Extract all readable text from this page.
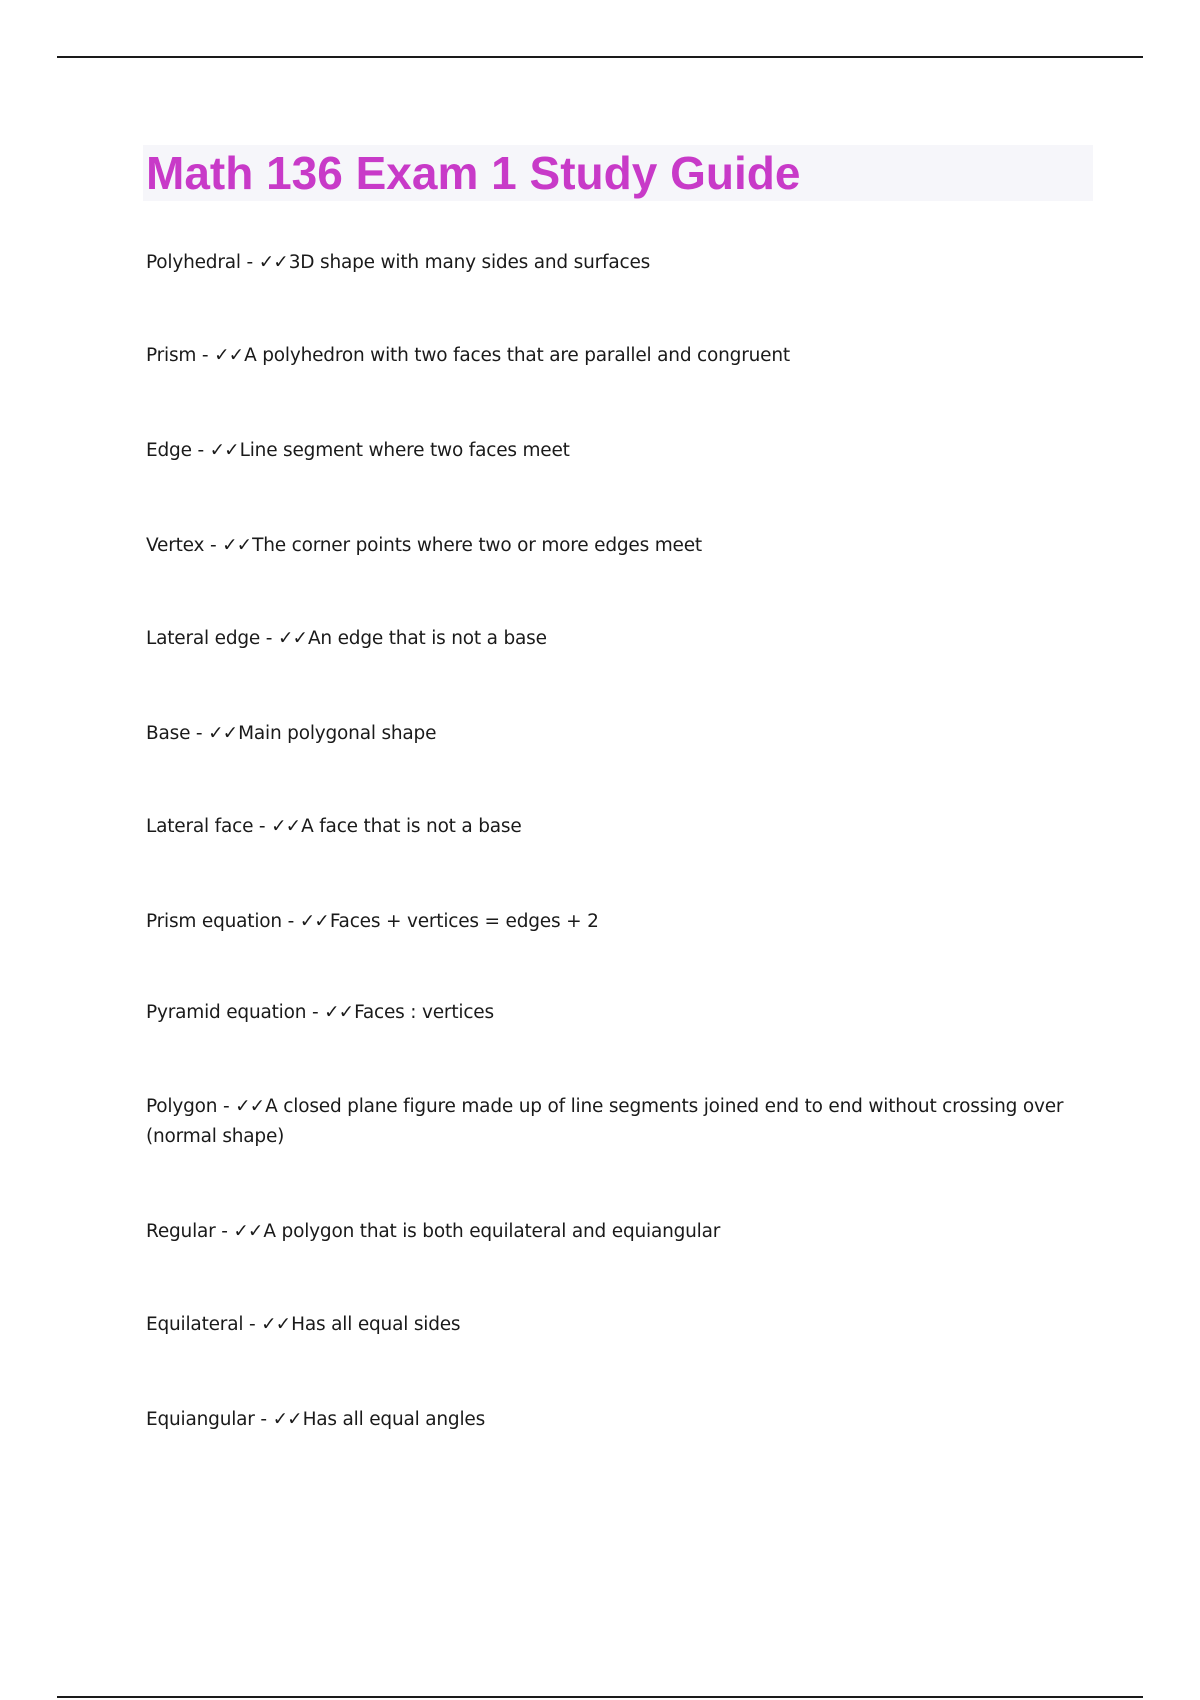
Math 136 Exam 1 Study Guide
Polyhedral - ✓✓3D shape with many sides and surfaces
Prism - ✓✓A polyhedron with two faces that are parallel and congruent
Edge - ✓✓Line segment where two faces meet
Vertex - ✓✓The corner points where two or more edges meet
Lateral edge - ✓✓An edge that is not a base
Base - ✓✓Main polygonal shape
Lateral face - ✓✓A face that is not a base
Prism equation - ✓✓Faces + vertices = edges + 2
Pyramid equation - ✓✓Faces : vertices
Polygon - ✓✓A closed plane figure made up of line segments joined end to end without crossing over (normal shape)
Regular - ✓✓A polygon that is both equilateral and equiangular
Equilateral - ✓✓Has all equal sides
Equiangular - ✓✓Has all equal angles
